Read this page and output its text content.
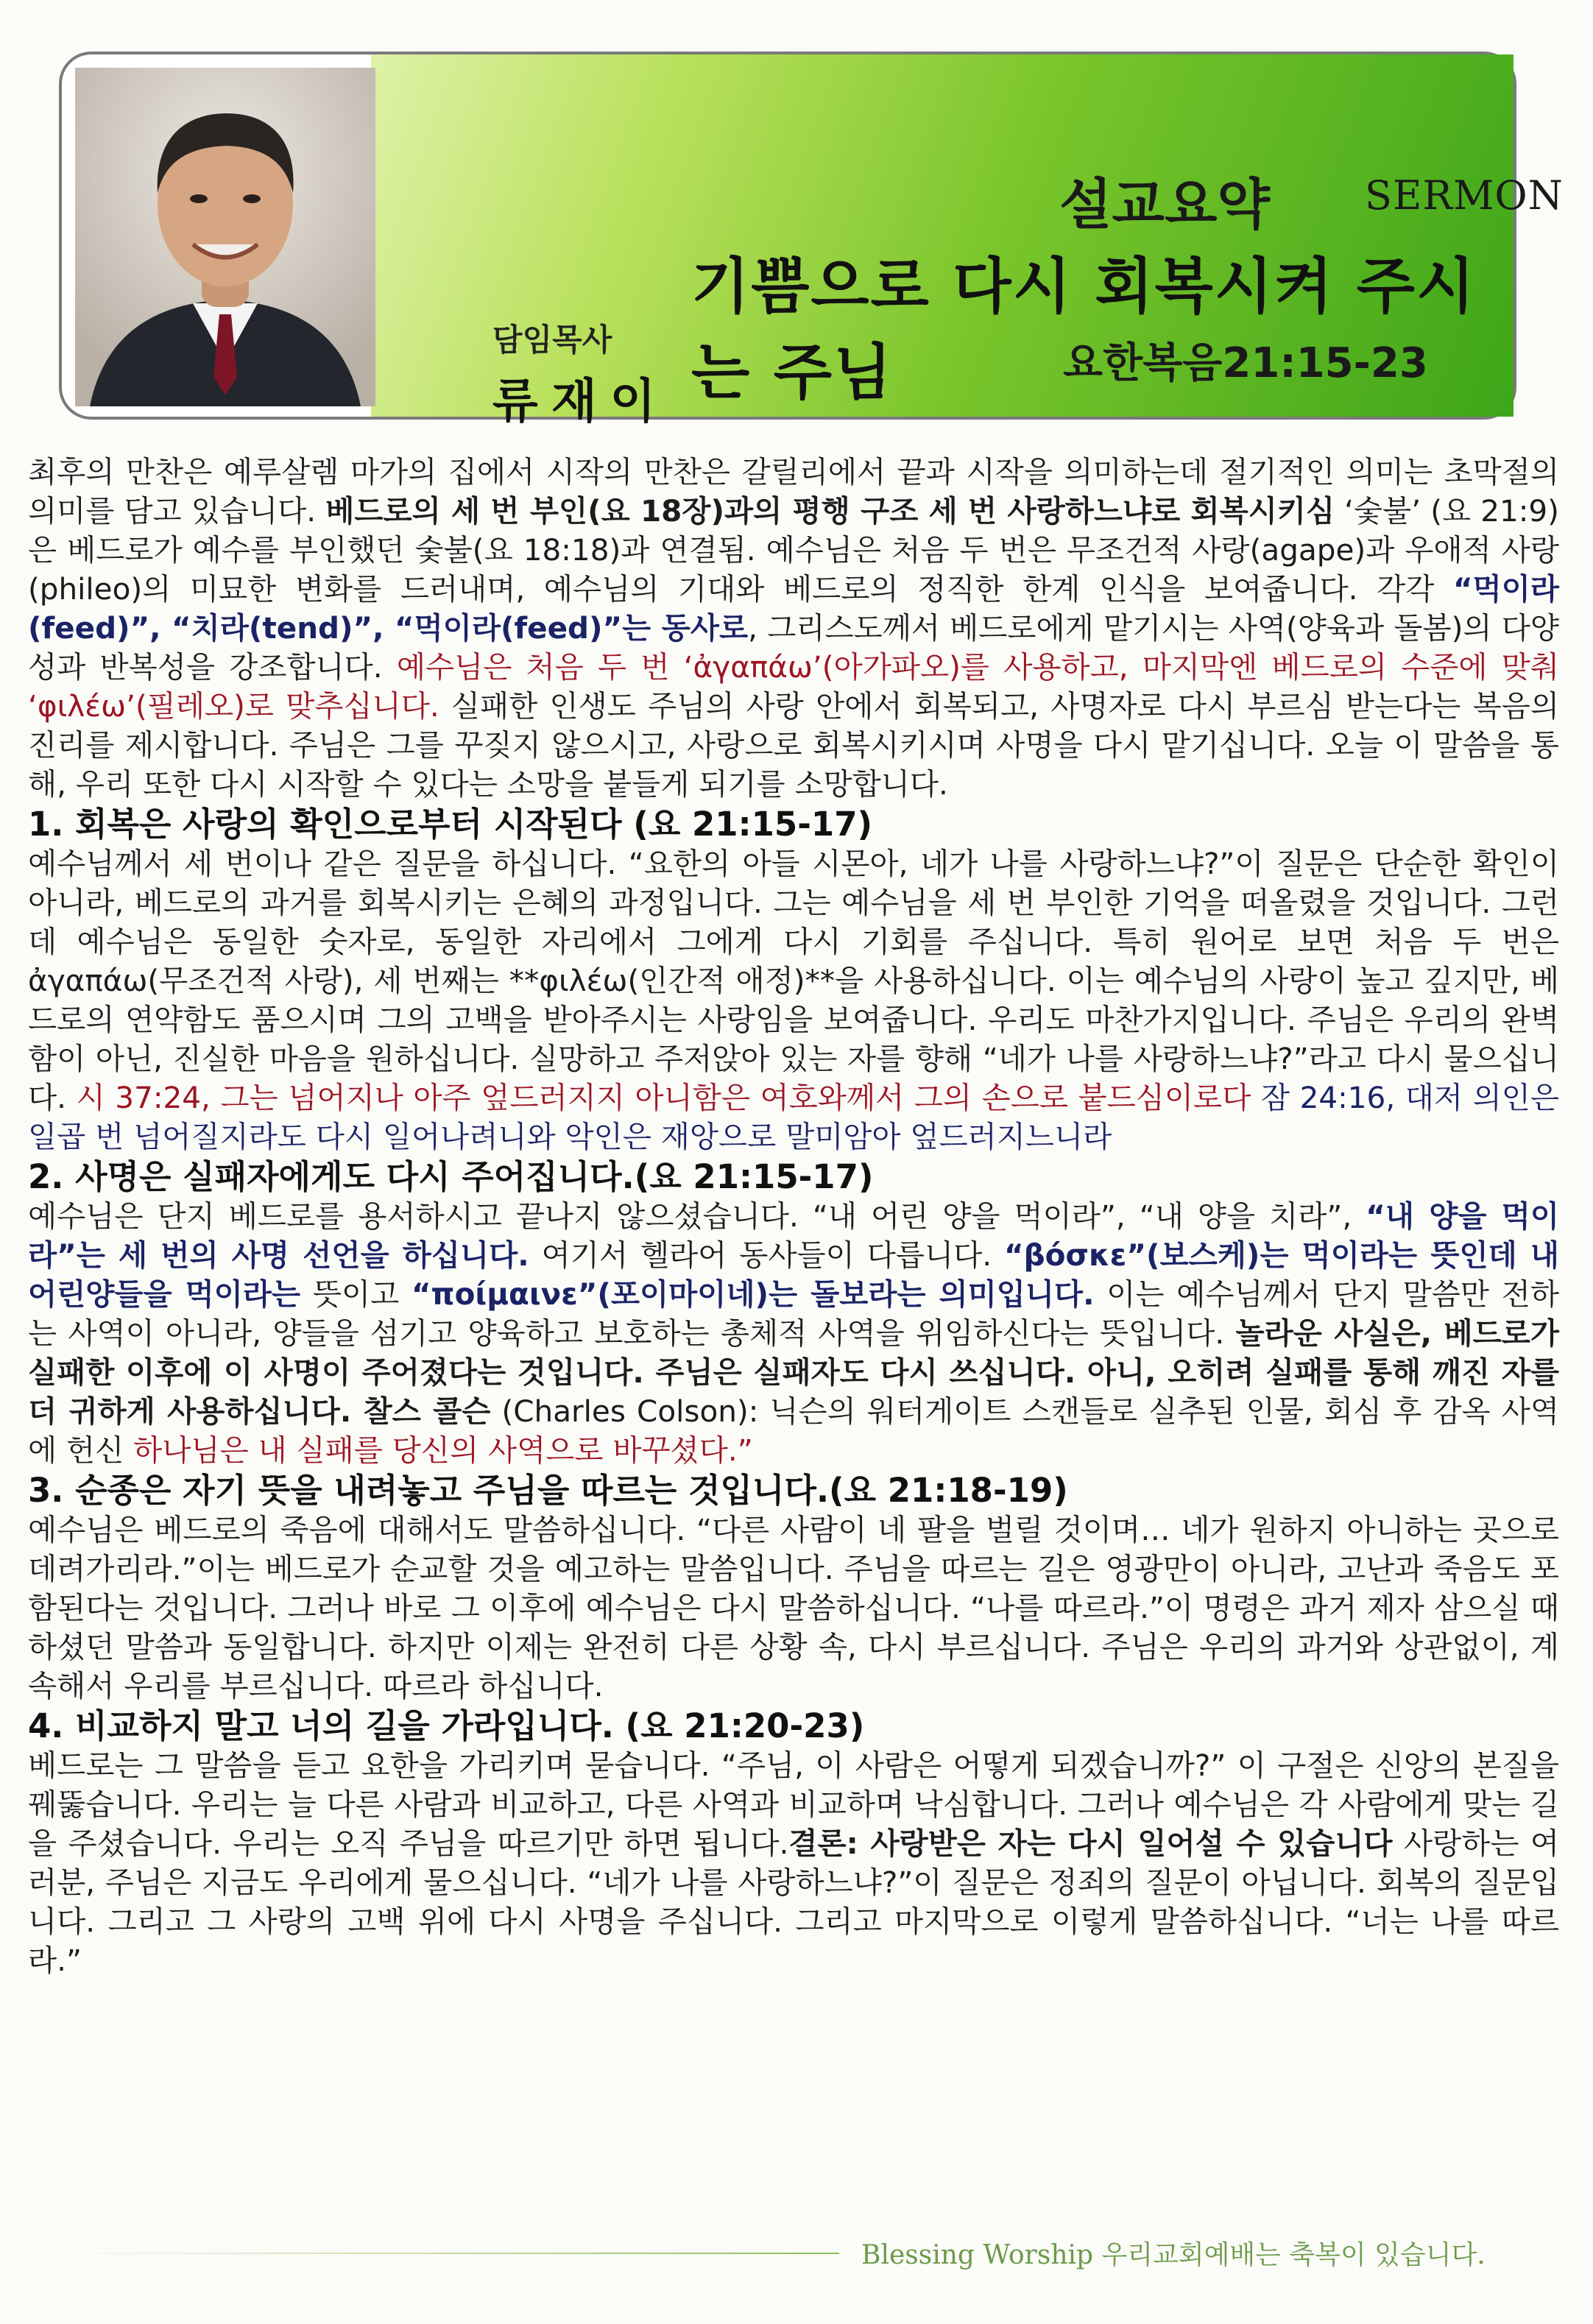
설교요약 SERMON
기쁨으로 다시 회복시켜 주시는 주님	요한복음21:15-23
담임목사
류재이

최후의 만찬은 예루살렘 마가의 집에서 시작의 만찬은 갈릴리에서 끝과 시작을 의미하는데 절기적인 의미는 초막절의 의미를 담고 있습니다. 베드로의 세 번 부인(요 18장)과의 평행 구조 세 번 사랑하느냐로 회복시키심 ‘숯불’ (요 21:9)은 베드로가 예수를 부인했던 숯불(요 18:18)과 연결됨. 예수님은 처음 두 번은 무조건적 사랑(agape)과 우애적 사랑(phileo)의 미묘한 변화를 드러내며, 예수님의 기대와 베드로의 정직한 한계 인식을 보여줍니다. 각각 “먹이라(feed)”, “치라(tend)”, “먹이라(feed)”는 동사로, 그리스도께서 베드로에게 맡기시는 사역(양육과 돌봄)의 다양성과 반복성을 강조합니다. 예수님은 처음 두 번 ‘ἀγαπάω’(아가파오)를 사용하고, 마지막엔 베드로의 수준에 맞춰 ‘φιλέω’(필레오)로 맞추십니다. 실패한 인생도 주님의 사랑 안에서 회복되고, 사명자로 다시 부르심 받는다는 복음의 진리를 제시합니다. 주님은 그를 꾸짖지 않으시고, 사랑으로 회복시키시며 사명을 다시 맡기십니다. 오늘 이 말씀을 통해, 우리 또한 다시 시작할 수 있다는 소망을 붙들게 되기를 소망합니다.

1. 회복은 사랑의 확인으로부터 시작된다 (요 21:15-17)

예수님께서 세 번이나 같은 질문을 하십니다. “요한의 아들 시몬아, 네가 나를 사랑하느냐?”이 질문은 단순한 확인이 아니라, 베드로의 과거를 회복시키는 은혜의 과정입니다. 그는 예수님을 세 번 부인한 기억을 떠올렸을 것입니다. 그런데 예수님은 동일한 숫자로, 동일한 자리에서 그에게 다시 기회를 주십니다. 특히 원어로 보면 처음 두 번은 ἀγαπάω(무조건적 사랑), 세 번째는 **φιλέω(인간적 애정)**을 사용하십니다. 이는 예수님의 사랑이 높고 깊지만, 베드로의 연약함도 품으시며 그의 고백을 받아주시는 사랑임을 보여줍니다. 우리도 마찬가지입니다. 주님은 우리의 완벽함이 아닌, 진실한 마음을 원하십니다. 실망하고 주저앉아 있는 자를 향해 “네가 나를 사랑하느냐?”라고 다시 물으십니다. 시 37:24, 그는 넘어지나 아주 엎드러지지 아니함은 여호와께서 그의 손으로 붙드심이로다 잠 24:16, 대저 의인은 일곱 번 넘어질지라도 다시 일어나려니와 악인은 재앙으로 말미암아 엎드러지느니라

2. 사명은 실패자에게도 다시 주어집니다.(요 21:15-17)

예수님은 단지 베드로를 용서하시고 끝나지 않으셨습니다. “내 어린 양을 먹이라”, “내 양을 치라”, “내 양을 먹이라”는 세 번의 사명 선언을 하십니다. 여기서 헬라어 동사들이 다릅니다. “βόσκε”(보스케)는 먹이라는 뜻인데 내 어린양들을 먹이라는 뜻이고 “ποίμαινε”(포이마이네)는 돌보라는 의미입니다. 이는 예수님께서 단지 말씀만 전하는 사역이 아니라, 양들을 섬기고 양육하고 보호하는 총체적 사역을 위임하신다는 뜻입니다. 놀라운 사실은, 베드로가 실패한 이후에 이 사명이 주어졌다는 것입니다. 주님은 실패자도 다시 쓰십니다. 아니, 오히려 실패를 통해 깨진 자를 더 귀하게 사용하십니다. 찰스 콜슨 (Charles Colson): 닉슨의 워터게이트 스캔들로 실추된 인물, 회심 후 감옥 사역에 헌신 하나님은 내 실패를 당신의 사역으로 바꾸셨다.”

3. 순종은 자기 뜻을 내려놓고 주님을 따르는 것입니다.(요 21:18-19)

예수님은 베드로의 죽음에 대해서도 말씀하십니다. “다른 사람이 네 팔을 벌릴 것이며… 네가 원하지 아니하는 곳으로 데려가리라.”이는 베드로가 순교할 것을 예고하는 말씀입니다. 주님을 따르는 길은 영광만이 아니라, 고난과 죽음도 포함된다는 것입니다. 그러나 바로 그 이후에 예수님은 다시 말씀하십니다. “나를 따르라.”이 명령은 과거 제자 삼으실 때 하셨던 말씀과 동일합니다. 하지만 이제는 완전히 다른 상황 속, 다시 부르십니다. 주님은 우리의 과거와 상관없이, 계속해서 우리를 부르십니다. 따르라 하십니다.

4. 비교하지 말고 너의 길을 가라입니다. (요 21:20-23)

베드로는 그 말씀을 듣고 요한을 가리키며 묻습니다. “주님, 이 사람은 어떻게 되겠습니까?” 이 구절은 신앙의 본질을 꿰뚫습니다. 우리는 늘 다른 사람과 비교하고, 다른 사역과 비교하며 낙심합니다. 그러나 예수님은 각 사람에게 맞는 길을 주셨습니다. 우리는 오직 주님을 따르기만 하면 됩니다.결론: 사랑받은 자는 다시 일어설 수 있습니다 사랑하는 여러분, 주님은 지금도 우리에게 물으십니다. “네가 나를 사랑하느냐?”이 질문은 정죄의 질문이 아닙니다. 회복의 질문입니다. 그리고 그 사랑의 고백 위에 다시 사명을 주십니다. 그리고 마지막으로 이렇게 말씀하십니다. “너는 나를 따르라.”

Blessing Worship 우리교회예배는 축복이 있습니다.
